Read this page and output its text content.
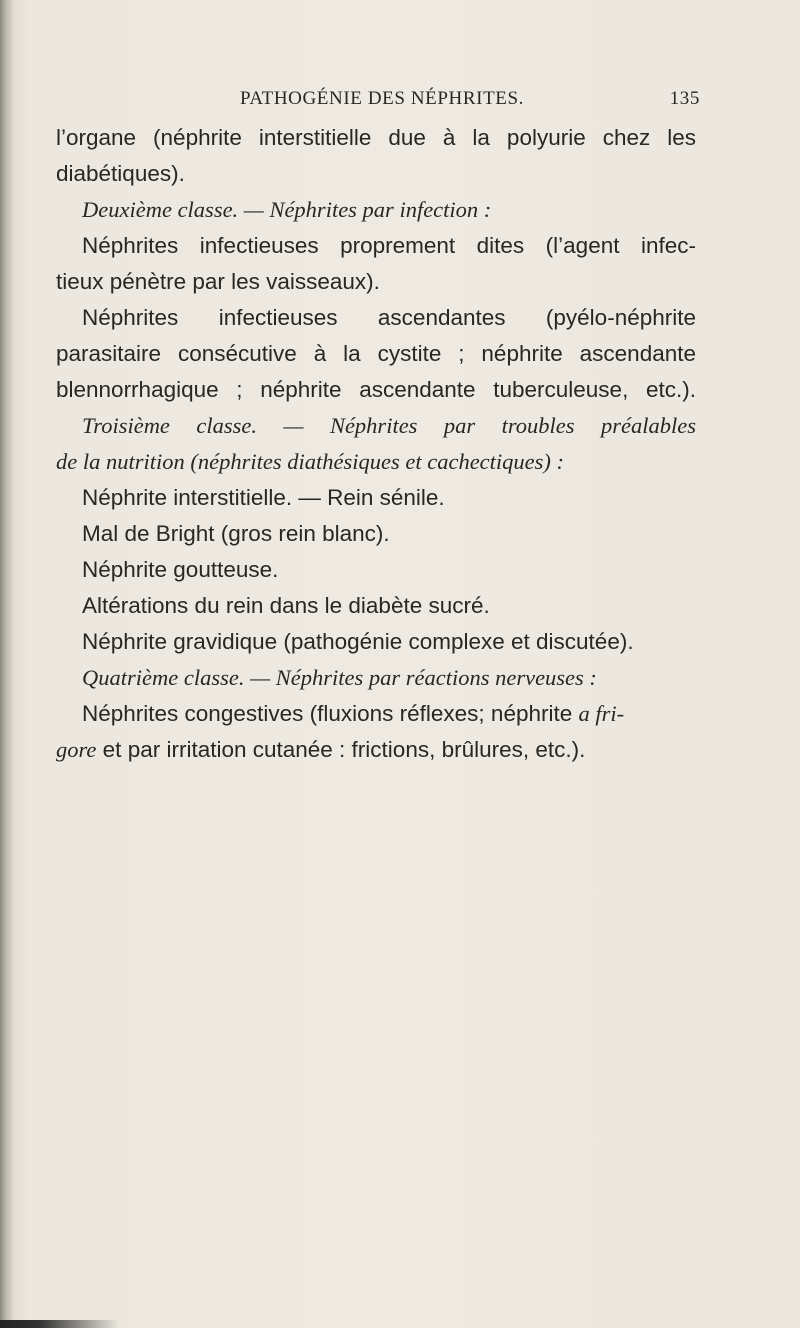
PATHOGÉNIE DES NÉPHRITES.	135
l’organe (néphrite interstitielle due à la polyurie chez les
diabétiques).
Deuxième classe. — Néphrites par infection :
Néphrites infectieuses proprement dites (l’agent infec-
tieux pénètre par les vaisseaux).
Néphrites infectieuses ascendantes (pyélo-néphrite
parasitaire consécutive à la cystite ; néphrite ascendante
blennorrhagique ; néphrite ascendante tuberculeuse, etc.).
Troisième classe. — Néphrites par troubles préalables
de la nutrition (néphrites diathésiques et cachectiques) :
Néphrite interstitielle. — Rein sénile.
Mal de Bright (gros rein blanc).
Néphrite goutteuse.
Altérations du rein dans le diabète sucré.
Néphrite gravidique (pathogénie complexe et discutée).
Quatrième classe. — Néphrites par réactions nerveuses :
Néphrites congestives (fluxions réflexes; néphrite a fri-
gore et par irritation cutanée : frictions, brûlures, etc.).
